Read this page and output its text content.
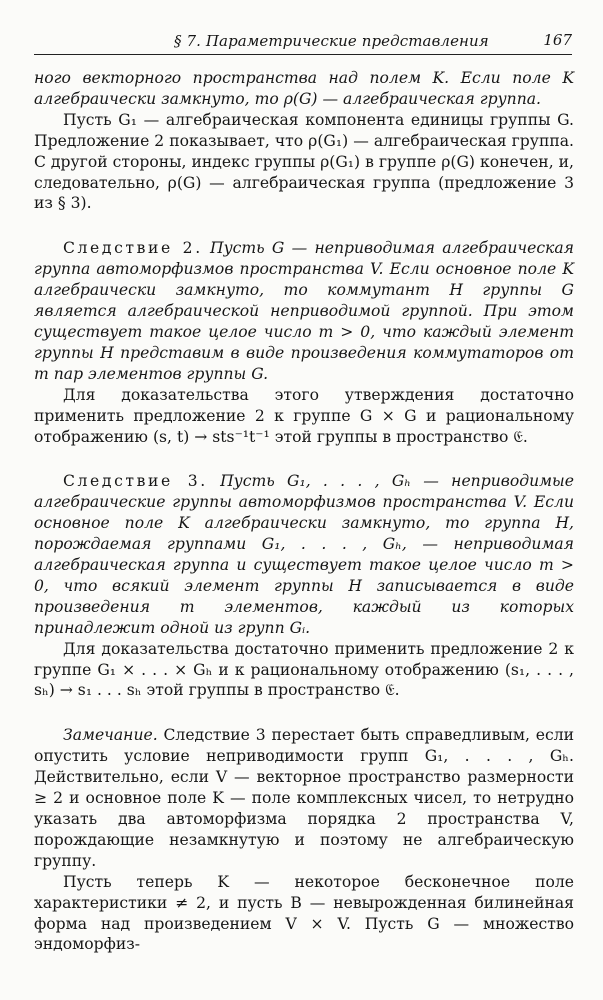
§ 7. Параметрические представления	167

ного векторного пространства над полем K. Если поле K алгебраически замкнуто, то ρ(G) — алгебраическая группа.

Пусть G₁ — алгебраическая компонента единицы группы G. Предложение 2 показывает, что ρ(G₁) — алгебраическая группа. С другой стороны, индекс группы ρ(G₁) в группе ρ(G) конечен, и, следовательно, ρ(G) — алгебраическая группа (предложение 3 из § 3).

Следствие 2. Пусть G — неприводимая алгебраическая группа автоморфизмов пространства V. Если основное поле K алгебраически замкнуто, то коммутант H группы G является алгебраической неприводимой группой. При этом существует такое целое число m > 0, что каждый элемент группы H представим в виде произведения коммутаторов от m пар элементов группы G.

Для доказательства этого утверждения достаточно применить предложение 2 к группе G × G и рациональному отображению (s, t) → sts⁻¹t⁻¹ этой группы в пространство 𝔈.

Следствие 3. Пусть G₁, . . . , Gₕ — неприводимые алгебраические группы автоморфизмов пространства V. Если основное поле K алгебраически замкнуто, то группа H, порождаемая группами G₁, . . . , Gₕ, — неприводимая алгебраическая группа и существует такое целое число m > 0, что всякий элемент группы H записывается в виде произведения m элементов, каждый из которых принадлежит одной из групп Gᵢ.

Для доказательства достаточно применить предложение 2 к группе G₁ × . . . × Gₕ и к рациональному отображению (s₁, . . . , sₕ) → s₁ . . . sₕ этой группы в пространство 𝔈.

Замечание. Следствие 3 перестает быть справедливым, если опустить условие неприводимости групп G₁, . . . , Gₕ. Действительно, если V — векторное пространство размерности ≥ 2 и основное поле K — поле комплексных чисел, то нетрудно указать два автоморфизма порядка 2 пространства V, порождающие незамкнутую и поэтому не алгебраическую группу.

Пусть теперь K — некоторое бесконечное поле характеристики ≠ 2, и пусть B — невырожденная билинейная форма над произведением V × V. Пусть G — множество эндоморфиз-
